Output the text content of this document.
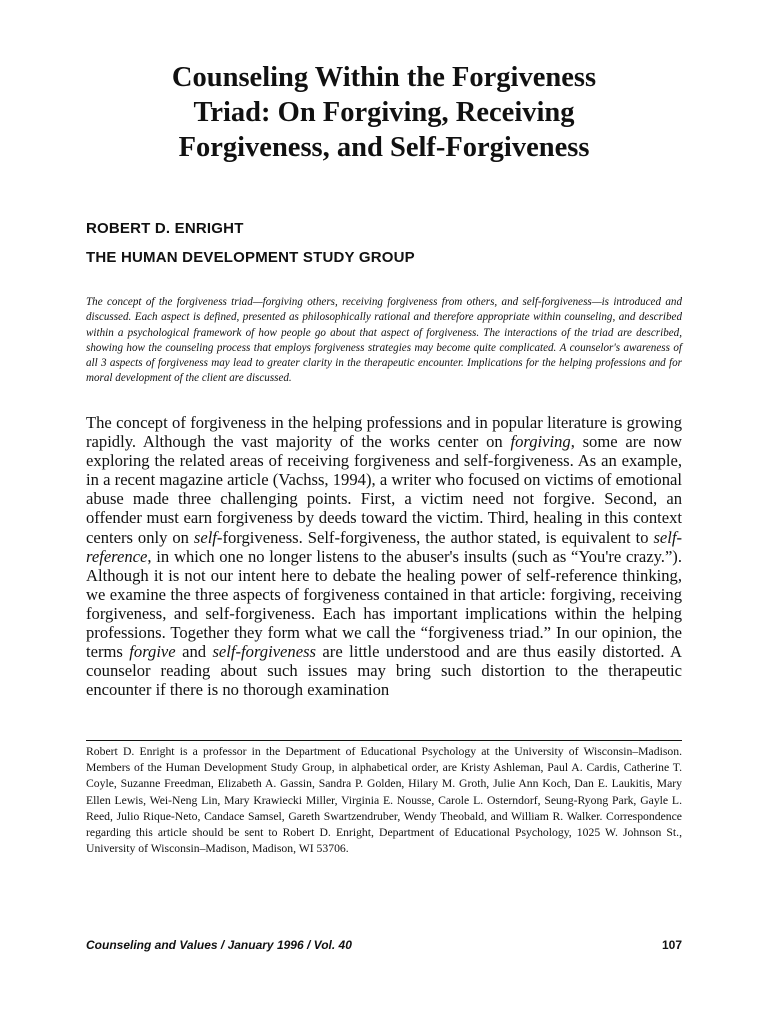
Counseling Within the Forgiveness
Triad: On Forgiving, Receiving
Forgiveness, and Self-Forgiveness
ROBERT D. ENRIGHT
THE HUMAN DEVELOPMENT STUDY GROUP

The concept of the forgiveness triad—forgiving others, receiving forgiveness from others, and self-forgiveness—is introduced and discussed. Each aspect is defined, presented as philosophically rational and therefore appropriate within counseling, and described within a psychological framework of how people go about that aspect of forgiveness. The interactions of the triad are described, showing how the counseling process that employs forgiveness strategies may become quite complicated. A counselor's awareness of all 3 aspects of forgiveness may lead to greater clarity in the therapeutic encounter. Implications for the helping professions and for moral development of the client are discussed.

The concept of forgiveness in the helping professions and in popular literature is growing rapidly. Although the vast majority of the works center on forgiving, some are now exploring the related areas of receiving forgiveness and self-forgiveness. As an example, in a recent magazine article (Vachss, 1994), a writer who focused on victims of emotional abuse made three challenging points. First, a victim need not forgive. Second, an offender must earn forgiveness by deeds toward the victim. Third, healing in this context centers only on self-forgiveness. Self-forgiveness, the author stated, is equivalent to self-reference, in which one no longer listens to the abuser's insults (such as “You're crazy.”). Although it is not our intent here to debate the healing power of self-reference thinking, we examine the three aspects of forgiveness contained in that article: forgiving, receiving forgiveness, and self-forgiveness. Each has important implications within the helping professions. Together they form what we call the “forgiveness triad.” In our opinion, the terms forgive and self-forgiveness are little understood and are thus easily distorted. A counselor reading about such issues may bring such distortion to the therapeutic encounter if there is no thorough examination

Robert D. Enright is a professor in the Department of Educational Psychology at the University of Wisconsin–Madison. Members of the Human Development Study Group, in alphabetical order, are Kristy Ashleman, Paul A. Cardis, Catherine T. Coyle, Suzanne Freedman, Elizabeth A. Gassin, Sandra P. Golden, Hilary M. Groth, Julie Ann Koch, Dan E. Laukitis, Mary Ellen Lewis, Wei-Neng Lin, Mary Krawiecki Miller, Virginia E. Nousse, Carole L. Osterndorf, Seung-Ryong Park, Gayle L. Reed, Julio Rique-Neto, Candace Samsel, Gareth Swartzendruber, Wendy Theobald, and William R. Walker. Correspondence regarding this article should be sent to Robert D. Enright, Department of Educational Psychology, 1025 W. Johnson St., University of Wisconsin–Madison, Madison, WI 53706.

Counseling and Values / January 1996 / Vol. 40	107
